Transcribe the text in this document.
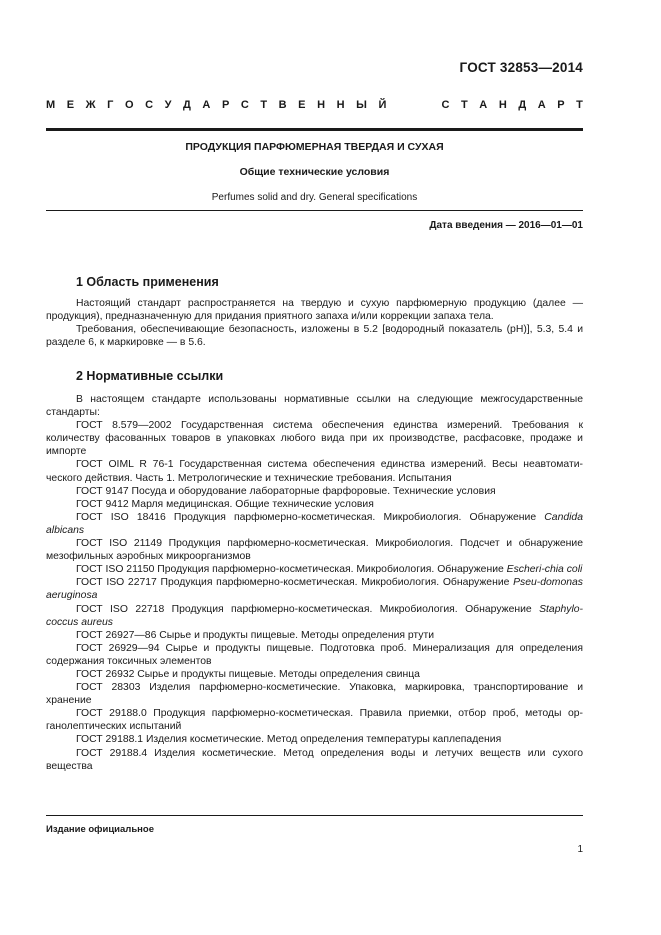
ГОСТ 32853—2014
М Е Ж Г О С У Д А Р С Т В Е Н Н Ы Й	С Т А Н Д А Р Т
ПРОДУКЦИЯ ПАРФЮМЕРНАЯ ТВЕРДАЯ И СУХАЯ
Общие технические условия
Perfumes solid and dry. General specifications
Дата введения — 2016—01—01
1 Область применения

Настоящий стандарт распространяется на твердую и сухую парфюмерную продукцию (далее — продукция), предназначенную для придания приятного запаха и/или коррекции запаха тела.

Требования, обеспечивающие безопасность, изложены в 5.2 [водородный показатель (pH)], 5.3, 5.4 и разделе 6, к маркировке — в 5.6.

2 Нормативные ссылки

В настоящем стандарте использованы нормативные ссылки на следующие межгосударственные стандарты:

ГОСТ 8.579—2002 Государственная система обеспечения единства измерений. Требования к количеству фасованных товаров в упаковках любого вида при их производстве, расфасовке, продаже и импорте

ГОСТ OIML R 76-1 Государственная система обеспечения единства измерений. Весы неавтомати-ческого действия. Часть 1. Метрологические и технические требования. Испытания

ГОСТ 9147 Посуда и оборудование лабораторные фарфоровые. Технические условия

ГОСТ 9412 Марля медицинская. Общие технические условия

ГОСТ ISO 18416 Продукция парфюмерно-косметическая. Микробиология. Обнаружение Candida albicans

ГОСТ ISO 21149 Продукция парфюмерно-косметическая. Микробиология. Подсчет и обнаружение мезофильных аэробных микроорганизмов

ГОСТ ISO 21150 Продукция парфюмерно-косметическая. Микробиология. Обнаружение Escheri-chia coli

ГОСТ ISO 22717 Продукция парфюмерно-косметическая. Микробиология. Обнаружение Pseu-domonas aeruginosa

ГОСТ ISO 22718 Продукция парфюмерно-косметическая. Микробиология. Обнаружение Staphylo-coccus aureus

ГОСТ 26927—86 Сырье и продукты пищевые. Методы определения ртути

ГОСТ 26929—94 Сырье и продукты пищевые. Подготовка проб. Минерализация для определения содержания токсичных элементов

ГОСТ 26932 Сырье и продукты пищевые. Методы определения свинца

ГОСТ 28303 Изделия парфюмерно-косметические. Упаковка, маркировка, транспортирование и хранение

ГОСТ 29188.0 Продукция парфюмерно-косметическая. Правила приемки, отбор проб, методы ор-ганолептических испытаний

ГОСТ 29188.1 Изделия косметические. Метод определения температуры каплепадения

ГОСТ 29188.4 Изделия косметические. Метод определения воды и летучих веществ или сухого вещества

Издание официальное
1
